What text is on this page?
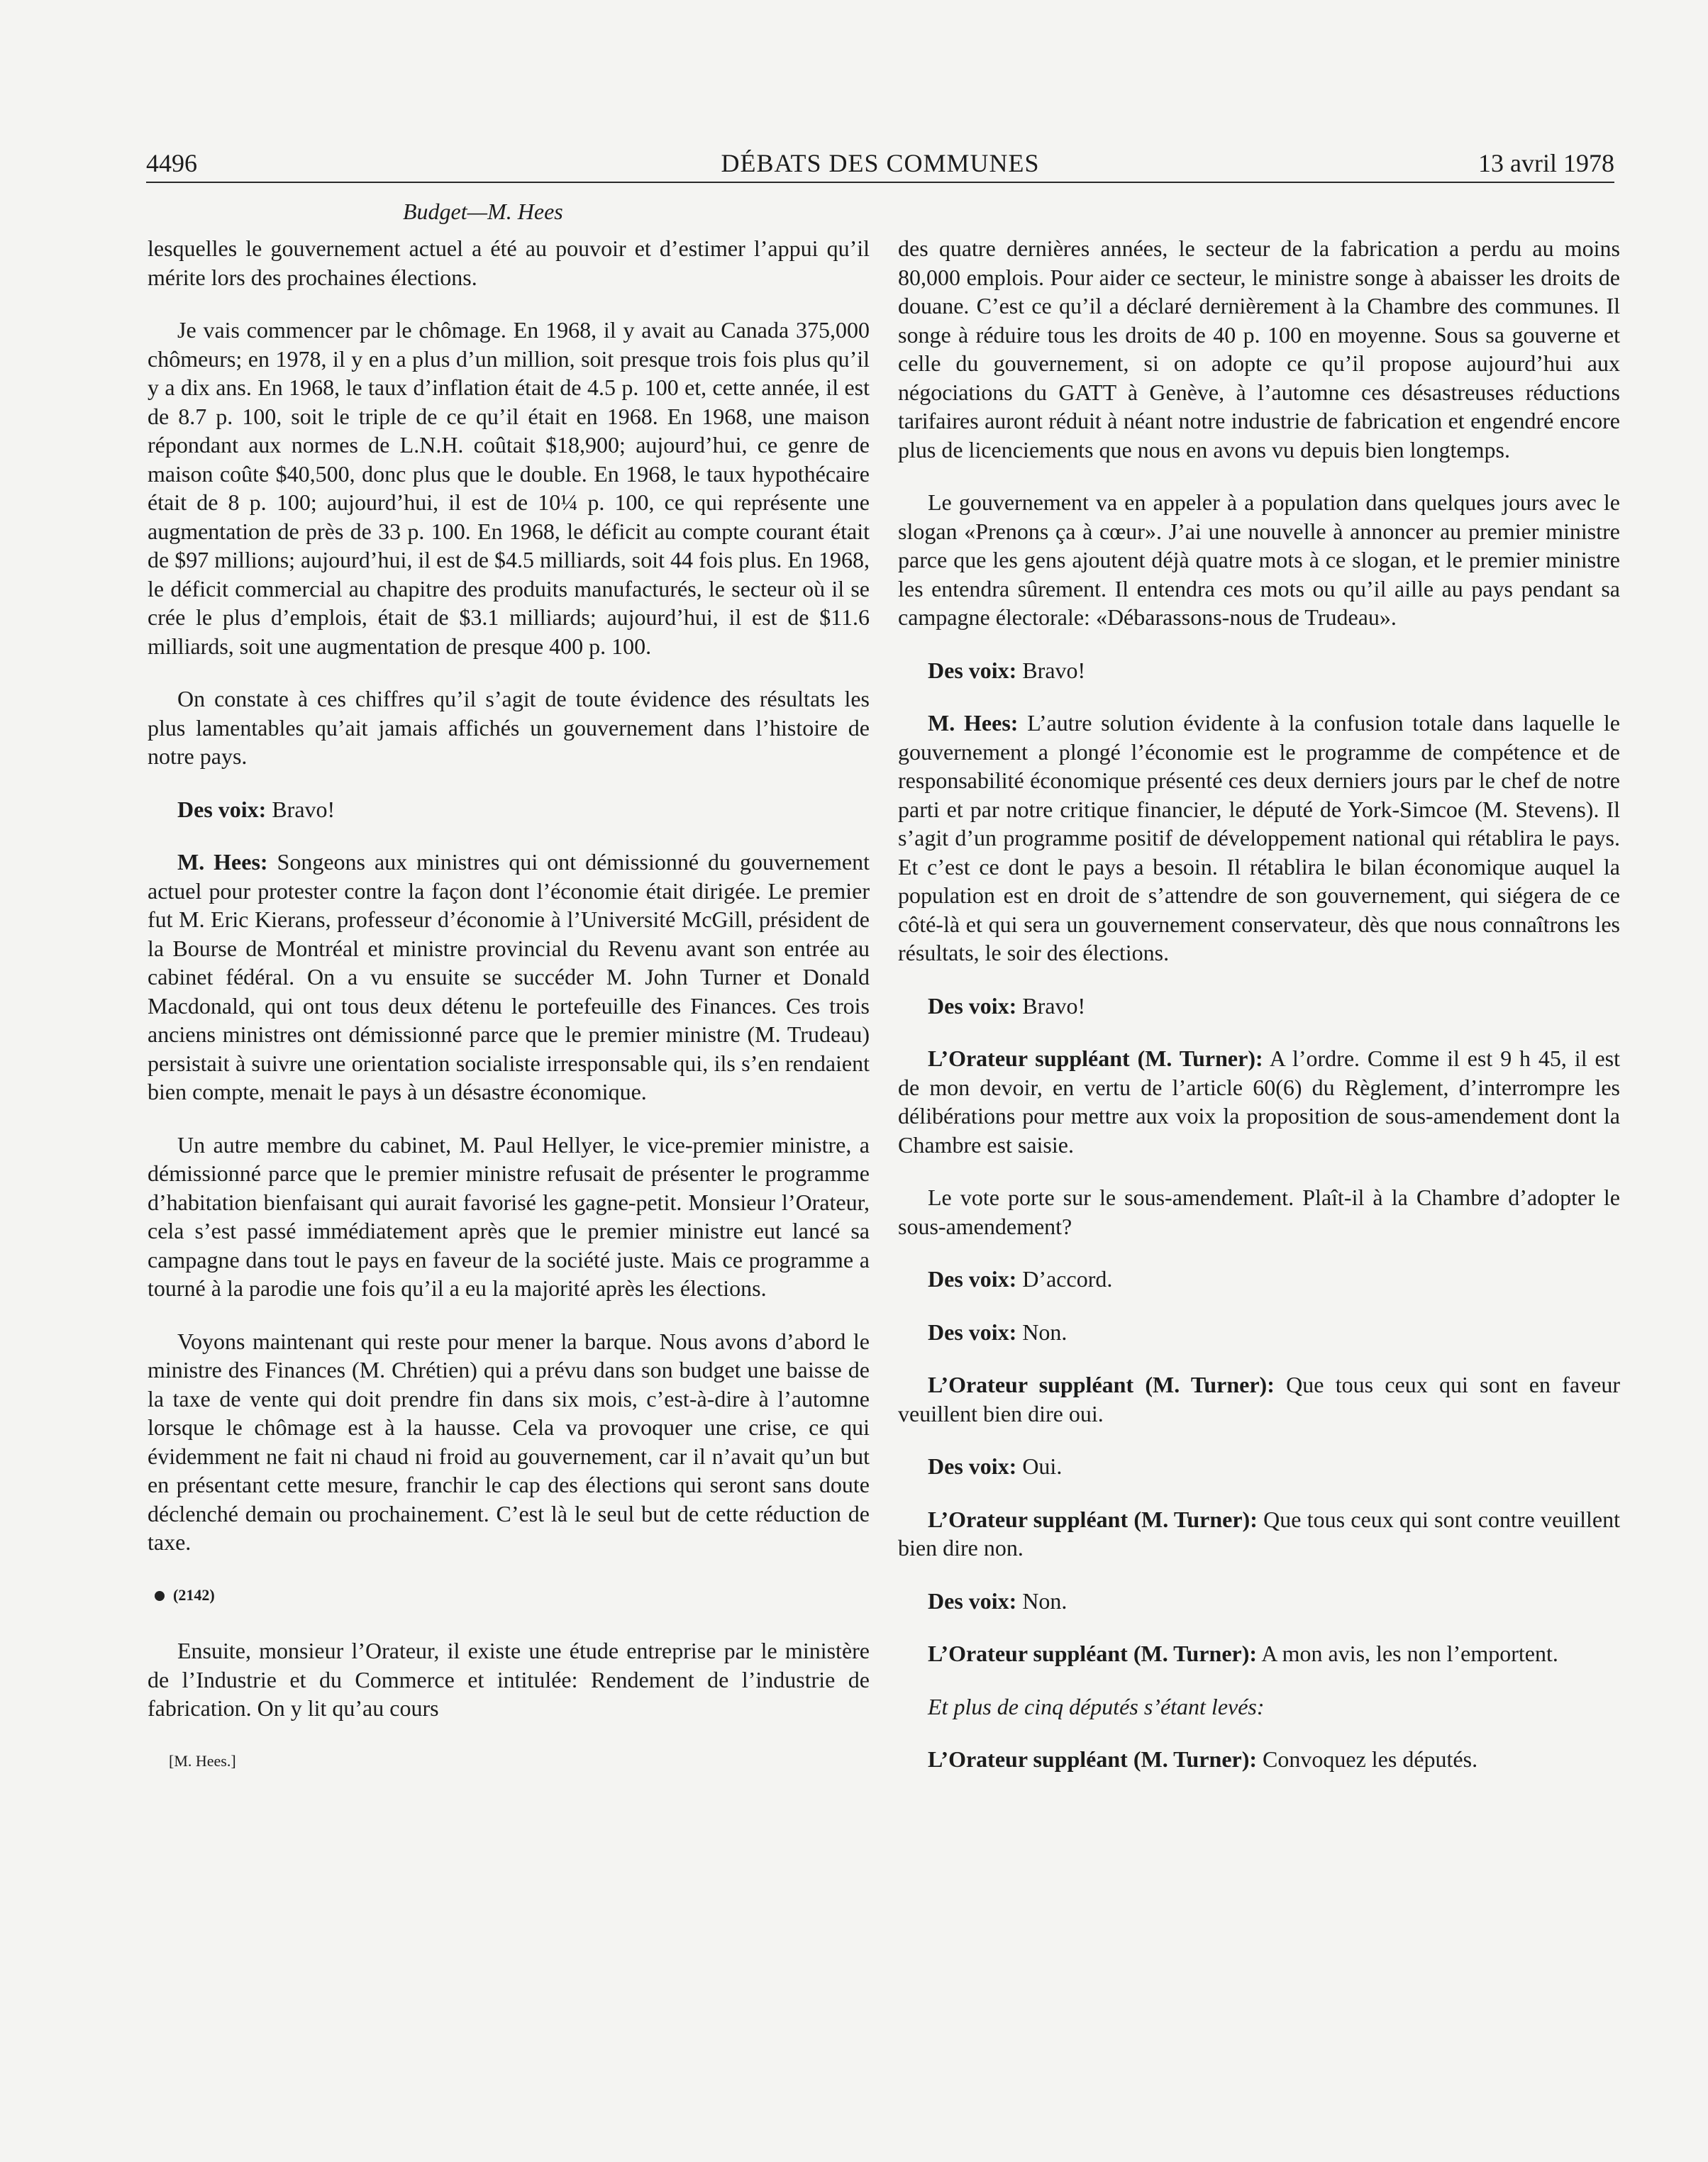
4496	DÉBATS DES COMMUNES	13 avril 1978
Budget—M. Hees

lesquelles le gouvernement actuel a été au pouvoir et d’estimer l’appui qu’il mérite lors des prochaines élections.

Je vais commencer par le chômage. En 1968, il y avait au Canada 375,000 chômeurs; en 1978, il y en a plus d’un million, soit presque trois fois plus qu’il y a dix ans. En 1968, le taux d’inflation était de 4.5 p. 100 et, cette année, il est de 8.7 p. 100, soit le triple de ce qu’il était en 1968. En 1968, une maison répondant aux normes de L.N.H. coûtait $18,900; aujourd’hui, ce genre de maison coûte $40,500, donc plus que le double. En 1968, le taux hypothécaire était de 8 p. 100; aujourd’hui, il est de 10¼ p. 100, ce qui représente une augmentation de près de 33 p. 100. En 1968, le déficit au compte courant était de $97 millions; aujourd’hui, il est de $4.5 milliards, soit 44 fois plus. En 1968, le déficit commercial au chapitre des produits manufacturés, le secteur où il se crée le plus d’emplois, était de $3.1 milliards; aujourd’hui, il est de $11.6 milliards, soit une augmentation de presque 400 p. 100.

On constate à ces chiffres qu’il s’agit de toute évidence des résultats les plus lamentables qu’ait jamais affichés un gouvernement dans l’histoire de notre pays.

Des voix: Bravo!

M. Hees: Songeons aux ministres qui ont démissionné du gouvernement actuel pour protester contre la façon dont l’économie était dirigée. Le premier fut M. Eric Kierans, professeur d’économie à l’Université McGill, président de la Bourse de Montréal et ministre provincial du Revenu avant son entrée au cabinet fédéral. On a vu ensuite se succéder M. John Turner et Donald Macdonald, qui ont tous deux détenu le portefeuille des Finances. Ces trois anciens ministres ont démissionné parce que le premier ministre (M. Trudeau) persistait à suivre une orientation socialiste irresponsable qui, ils s’en rendaient bien compte, menait le pays à un désastre économique.

Un autre membre du cabinet, M. Paul Hellyer, le vice-premier ministre, a démissionné parce que le premier ministre refusait de présenter le programme d’habitation bienfaisant qui aurait favorisé les gagne-petit. Monsieur l’Orateur, cela s’est passé immédiatement après que le premier ministre eut lancé sa campagne dans tout le pays en faveur de la société juste. Mais ce programme a tourné à la parodie une fois qu’il a eu la majorité après les élections.

Voyons maintenant qui reste pour mener la barque. Nous avons d’abord le ministre des Finances (M. Chrétien) qui a prévu dans son budget une baisse de la taxe de vente qui doit prendre fin dans six mois, c’est-à-dire à l’automne lorsque le chômage est à la hausse. Cela va provoquer une crise, ce qui évidemment ne fait ni chaud ni froid au gouvernement, car il n’avait qu’un but en présentant cette mesure, franchir le cap des élections qui seront sans doute déclenché demain ou prochainement. C’est là le seul but de cette réduction de taxe.

(2142)

Ensuite, monsieur l’Orateur, il existe une étude entreprise par le ministère de l’Industrie et du Commerce et intitulée: Rendement de l’industrie de fabrication. On y lit qu’au cours

[M. Hees.]

des quatre dernières années, le secteur de la fabrication a perdu au moins 80,000 emplois. Pour aider ce secteur, le ministre songe à abaisser les droits de douane. C’est ce qu’il a déclaré dernièrement à la Chambre des communes. Il songe à réduire tous les droits de 40 p. 100 en moyenne. Sous sa gouverne et celle du gouvernement, si on adopte ce qu’il propose aujourd’hui aux négociations du GATT à Genève, à l’automne ces désastreuses réductions tarifaires auront réduit à néant notre industrie de fabrication et engendré encore plus de licenciements que nous en avons vu depuis bien longtemps.

Le gouvernement va en appeler à a population dans quelques jours avec le slogan «Prenons ça à cœur». J’ai une nouvelle à annoncer au premier ministre parce que les gens ajoutent déjà quatre mots à ce slogan, et le premier ministre les entendra sûrement. Il entendra ces mots ou qu’il aille au pays pendant sa campagne électorale: «Débarassons-nous de Trudeau».

Des voix: Bravo!

M. Hees: L’autre solution évidente à la confusion totale dans laquelle le gouvernement a plongé l’économie est le programme de compétence et de responsabilité économique présenté ces deux derniers jours par le chef de notre parti et par notre critique financier, le député de York-Simcoe (M. Stevens). Il s’agit d’un programme positif de développement national qui rétablira le pays. Et c’est ce dont le pays a besoin. Il rétablira le bilan économique auquel la population est en droit de s’attendre de son gouvernement, qui siégera de ce côté-là et qui sera un gouvernement conservateur, dès que nous connaîtrons les résultats, le soir des élections.

Des voix: Bravo!

L’Orateur suppléant (M. Turner): A l’ordre. Comme il est 9 h 45, il est de mon devoir, en vertu de l’article 60(6) du Règlement, d’interrompre les délibérations pour mettre aux voix la proposition de sous-amendement dont la Chambre est saisie.

Le vote porte sur le sous-amendement. Plaît-il à la Chambre d’adopter le sous-amendement?

Des voix: D’accord.

Des voix: Non.

L’Orateur suppléant (M. Turner): Que tous ceux qui sont en faveur veuillent bien dire oui.

Des voix: Oui.

L’Orateur suppléant (M. Turner): Que tous ceux qui sont contre veuillent bien dire non.

Des voix: Non.

L’Orateur suppléant (M. Turner): A mon avis, les non l’emportent.

Et plus de cinq députés s’étant levés:

L’Orateur suppléant (M. Turner): Convoquez les députés.
